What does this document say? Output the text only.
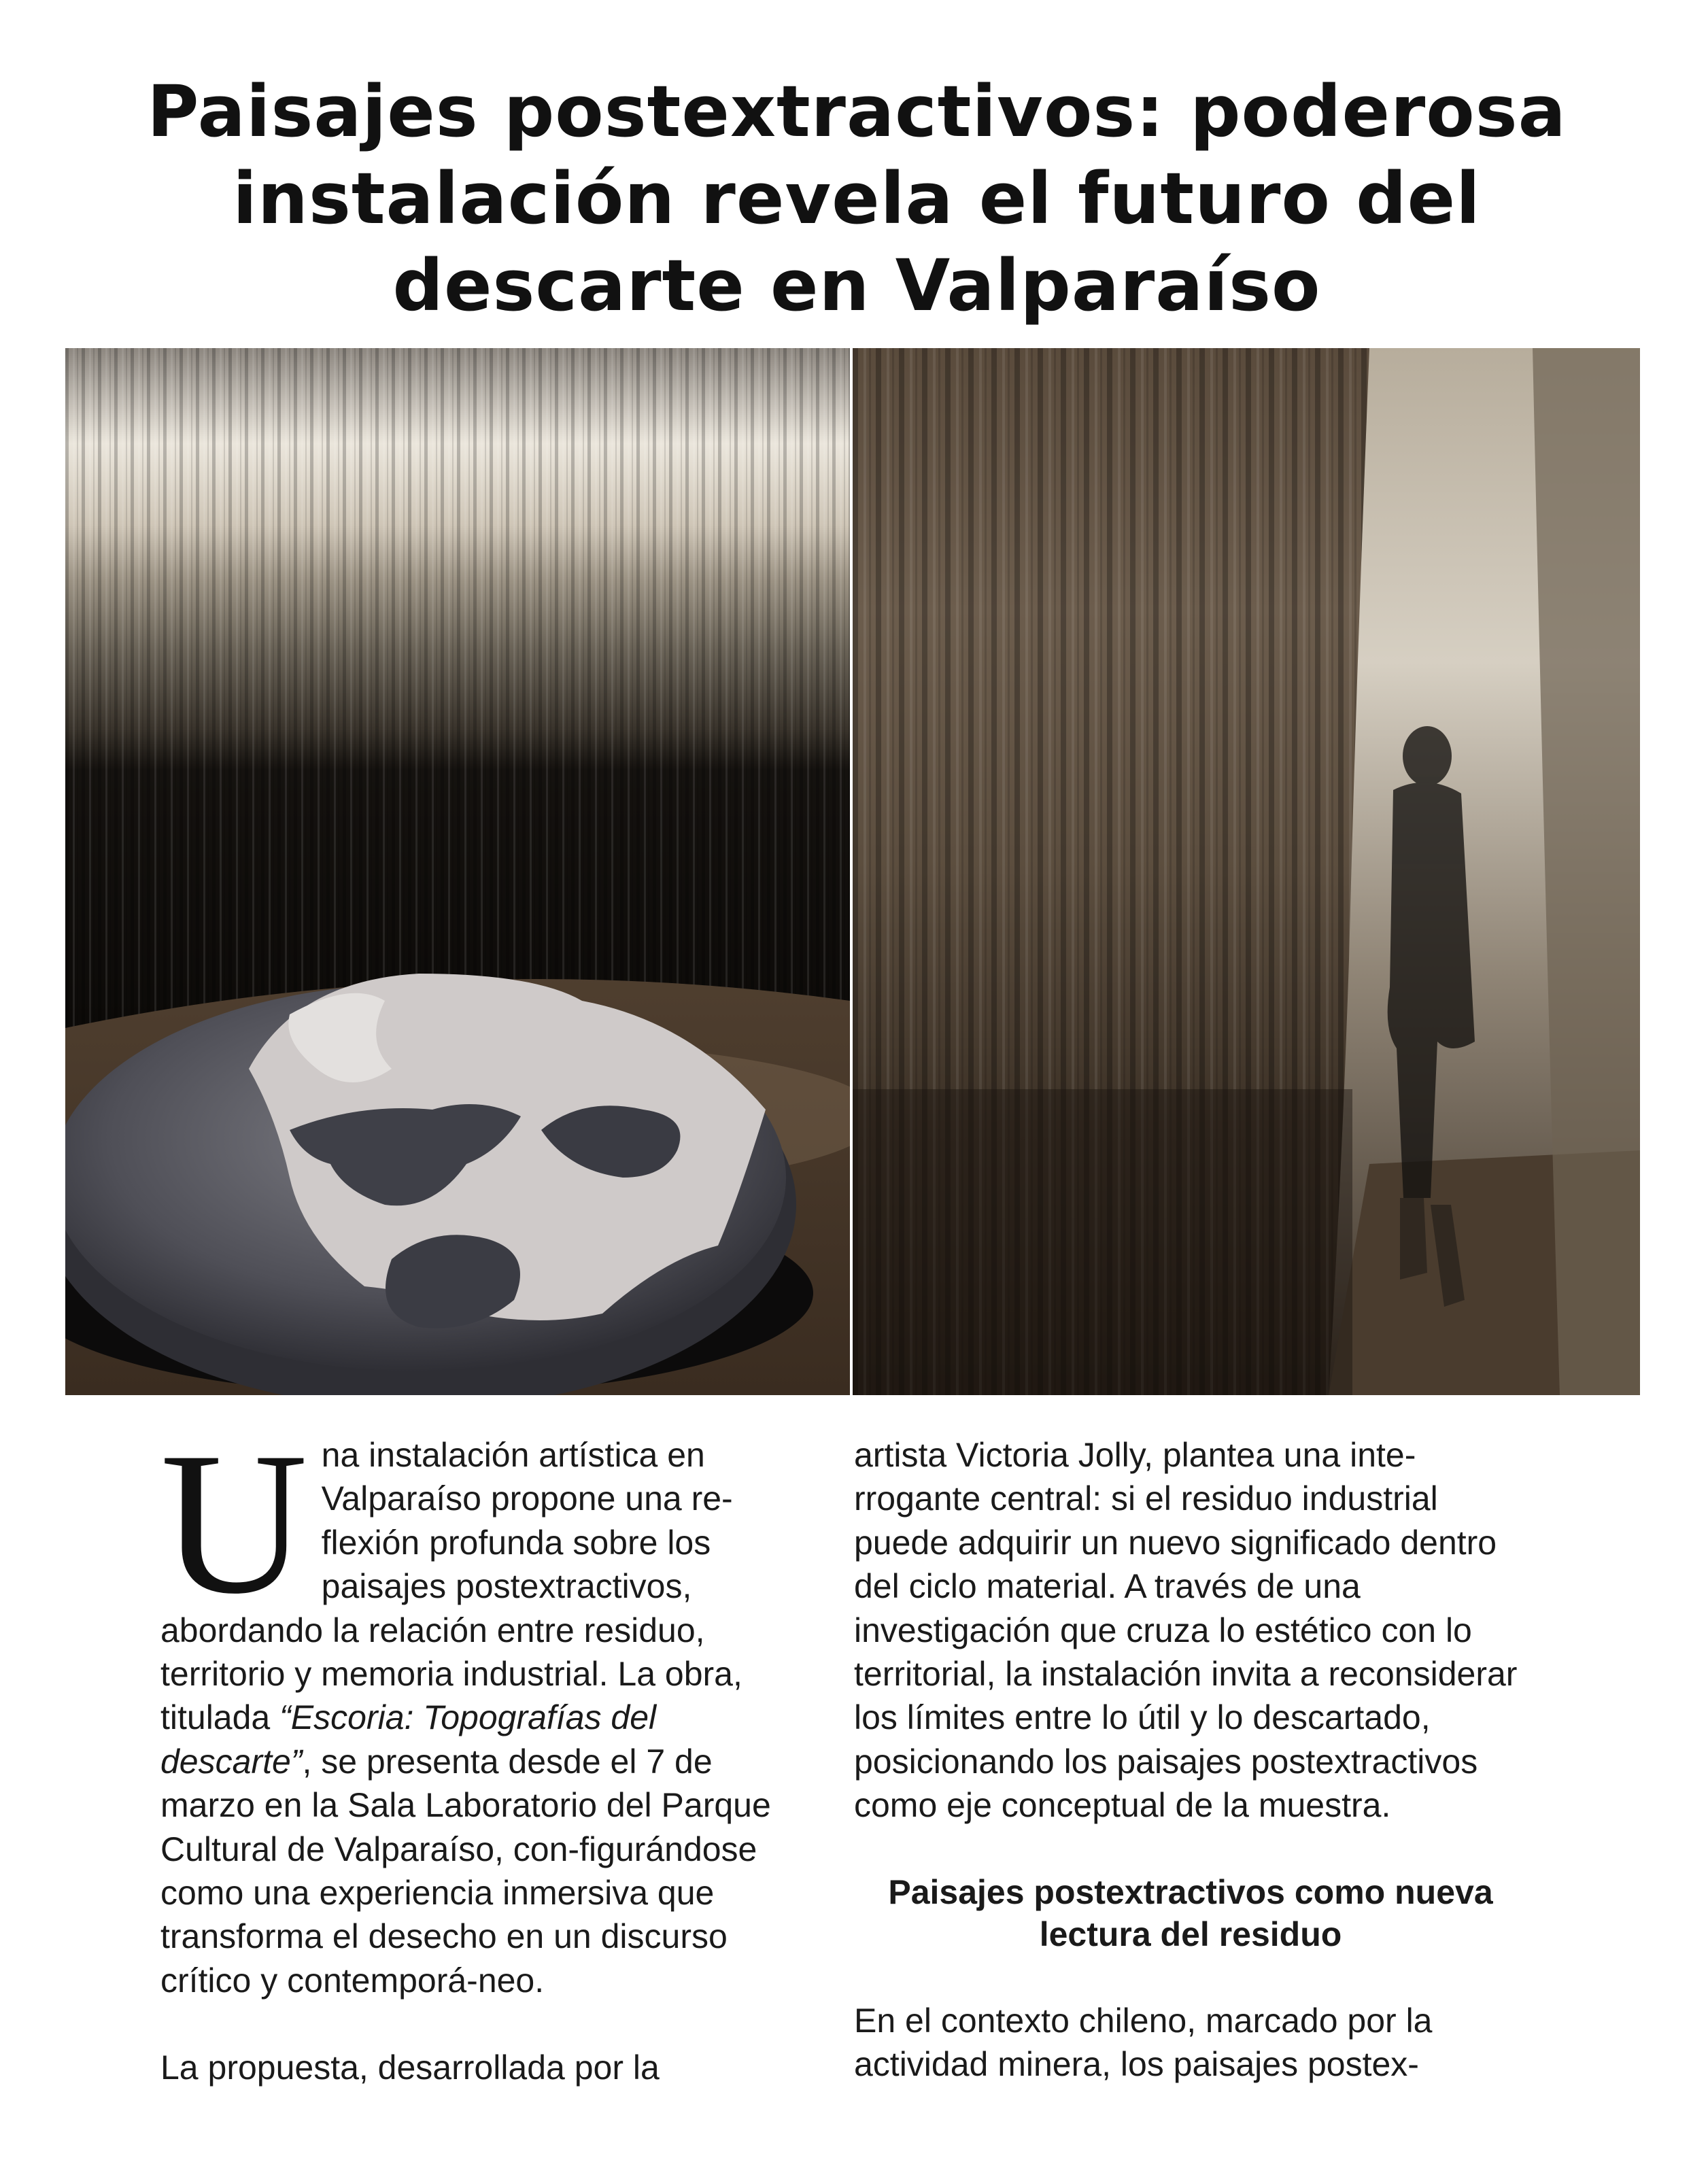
Paisajes postextractivos: poderosa instalación revela el futuro del descarte en Valparaíso

Una instalación artística en Valparaíso propone una re-flexión profunda sobre los paisajes postextractivos, abordando la relación entre residuo, territorio y memoria industrial. La obra, titulada “Escoria: Topografías del descarte”, se presenta desde el 7 de marzo en la Sala Laboratorio del Parque Cultural de Valparaíso, con-figurándose como una experiencia inmersiva que transforma el desecho en un discurso crítico y contemporá-neo.

La propuesta, desarrollada por la

artista Victoria Jolly, plantea una inte-rrogante central: si el residuo industrial puede adquirir un nuevo significado dentro del ciclo material. A través de una investigación que cruza lo estético con lo territorial, la instalación invita a reconsiderar los límites entre lo útil y lo descartado, posicionando los paisajes postextractivos como eje conceptual de la muestra.

Paisajes postextractivos como nueva lectura del residuo

En el contexto chileno, marcado por la actividad minera, los paisajes postex-
